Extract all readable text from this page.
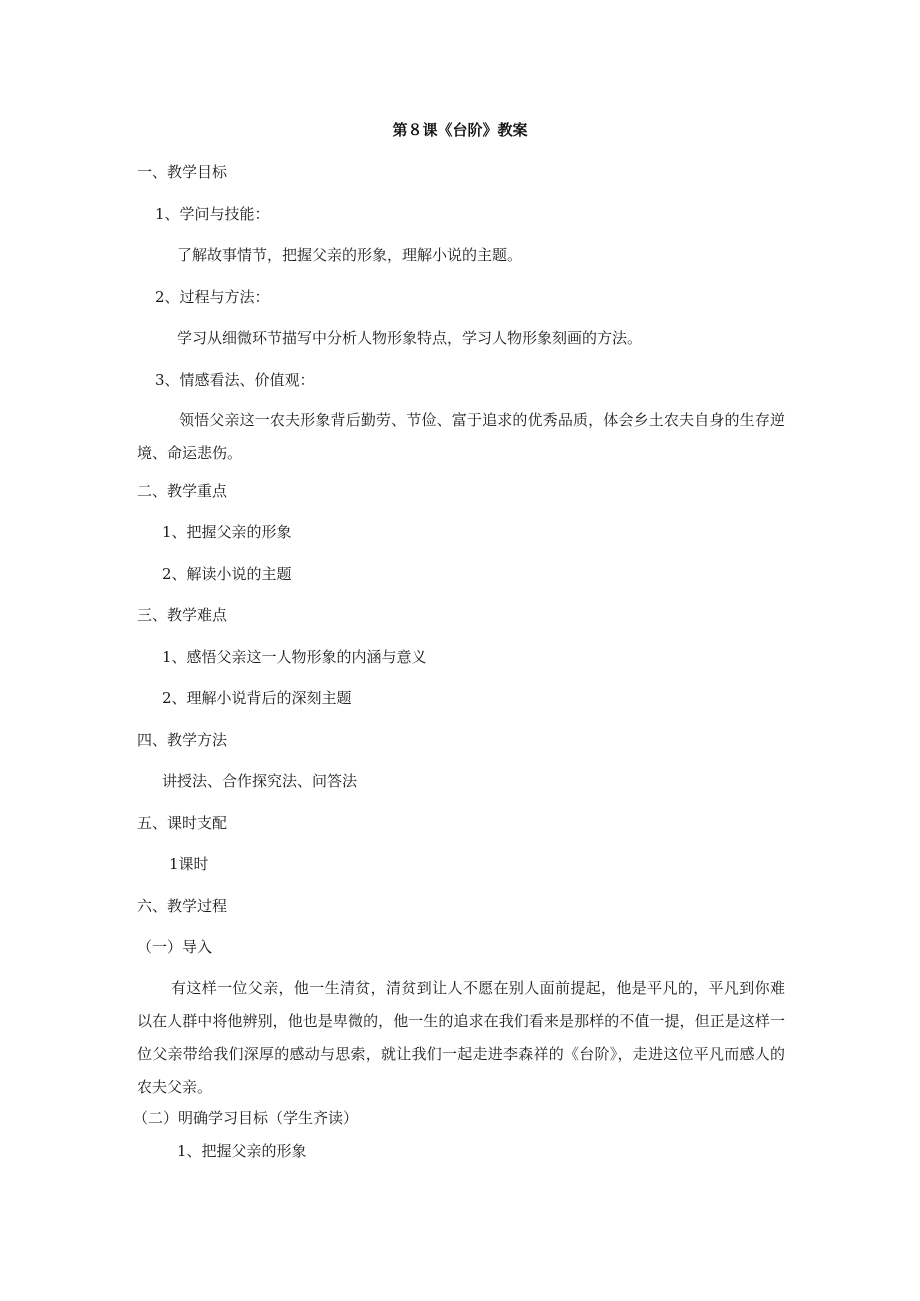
第８课《台阶》教案
一、教学目标
1、学问与技能：
了解故事情节，把握父亲的形象，理解小说的主题。
2、过程与方法：
学习从细微环节描写中分析人物形象特点，学习人物形象刻画的方法。
3、情感看法、价值观：
领悟父亲这一农夫形象背后勤劳、节俭、富于追求的优秀品质，体会乡土农夫自身的生存逆境、命运悲伤。
二、教学重点
1、把握父亲的形象
2、解读小说的主题
三、教学难点
1、感悟父亲这一人物形象的内涵与意义
2、理解小说背后的深刻主题
四、教学方法
讲授法、合作探究法、问答法
五、课时支配
1课时
六、教学过程
（一）导入
有这样一位父亲，他一生清贫，清贫到让人不愿在别人面前提起，他是平凡的，平凡到你难以在人群中将他辨别，他也是卑微的，他一生的追求在我们看来是那样的不值一提，但正是这样一位父亲带给我们深厚的感动与思索，就让我们一起走进李森祥的《台阶》，走进这位平凡而感人的农夫父亲。
（二）明确学习目标（学生齐读）
1、把握父亲的形象
